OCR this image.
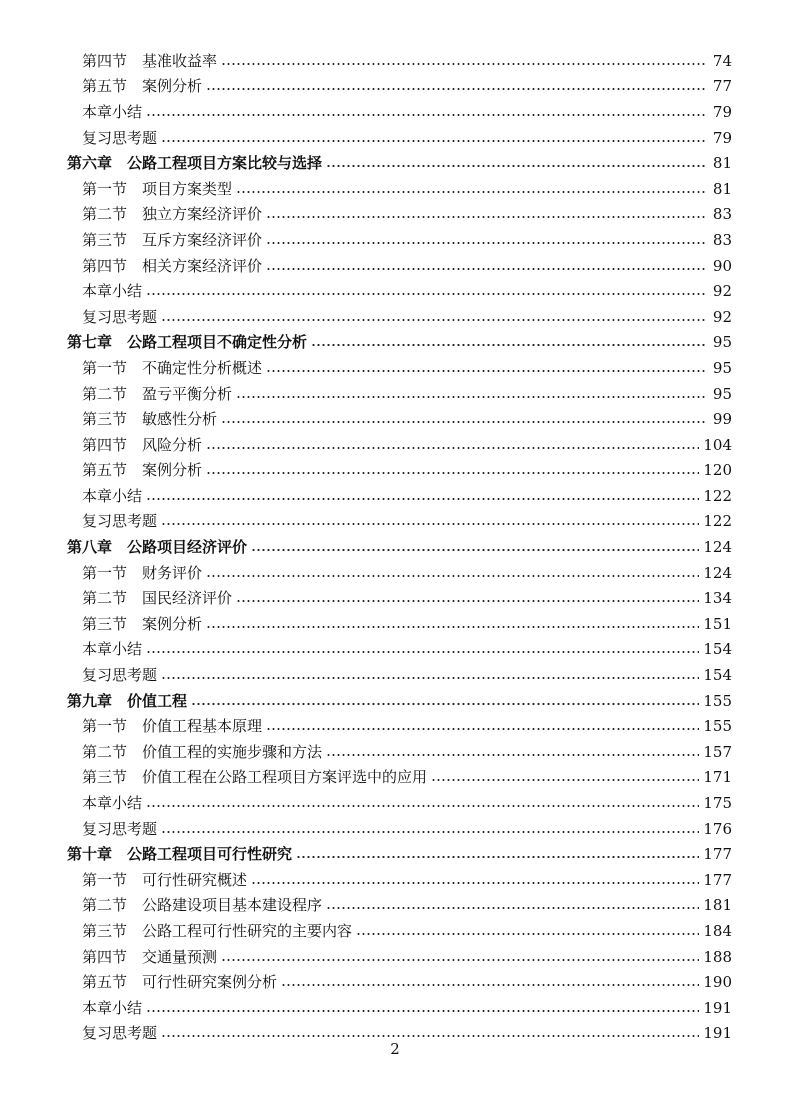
第四节　基准收益率	74
第五节　案例分析	77
本章小结	79
复习思考题	79
第六章　公路工程项目方案比较与选择	81
第一节　项目方案类型	81
第二节　独立方案经济评价	83
第三节　互斥方案经济评价	83
第四节　相关方案经济评价	90
本章小结	92
复习思考题	92
第七章　公路工程项目不确定性分析	95
第一节　不确定性分析概述	95
第二节　盈亏平衡分析	95
第三节　敏感性分析	99
第四节　风险分析	104
第五节　案例分析	120
本章小结	122
复习思考题	122
第八章　公路项目经济评价	124
第一节　财务评价	124
第二节　国民经济评价	134
第三节　案例分析	151
本章小结	154
复习思考题	154
第九章　价值工程	155
第一节　价值工程基本原理	155
第二节　价值工程的实施步骤和方法	157
第三节　价值工程在公路工程项目方案评选中的应用	171
本章小结	175
复习思考题	176
第十章　公路工程项目可行性研究	177
第一节　可行性研究概述	177
第二节　公路建设项目基本建设程序	181
第三节　公路工程可行性研究的主要内容	184
第四节　交通量预测	188
第五节　可行性研究案例分析	190
本章小结	191
复习思考题	191
2
